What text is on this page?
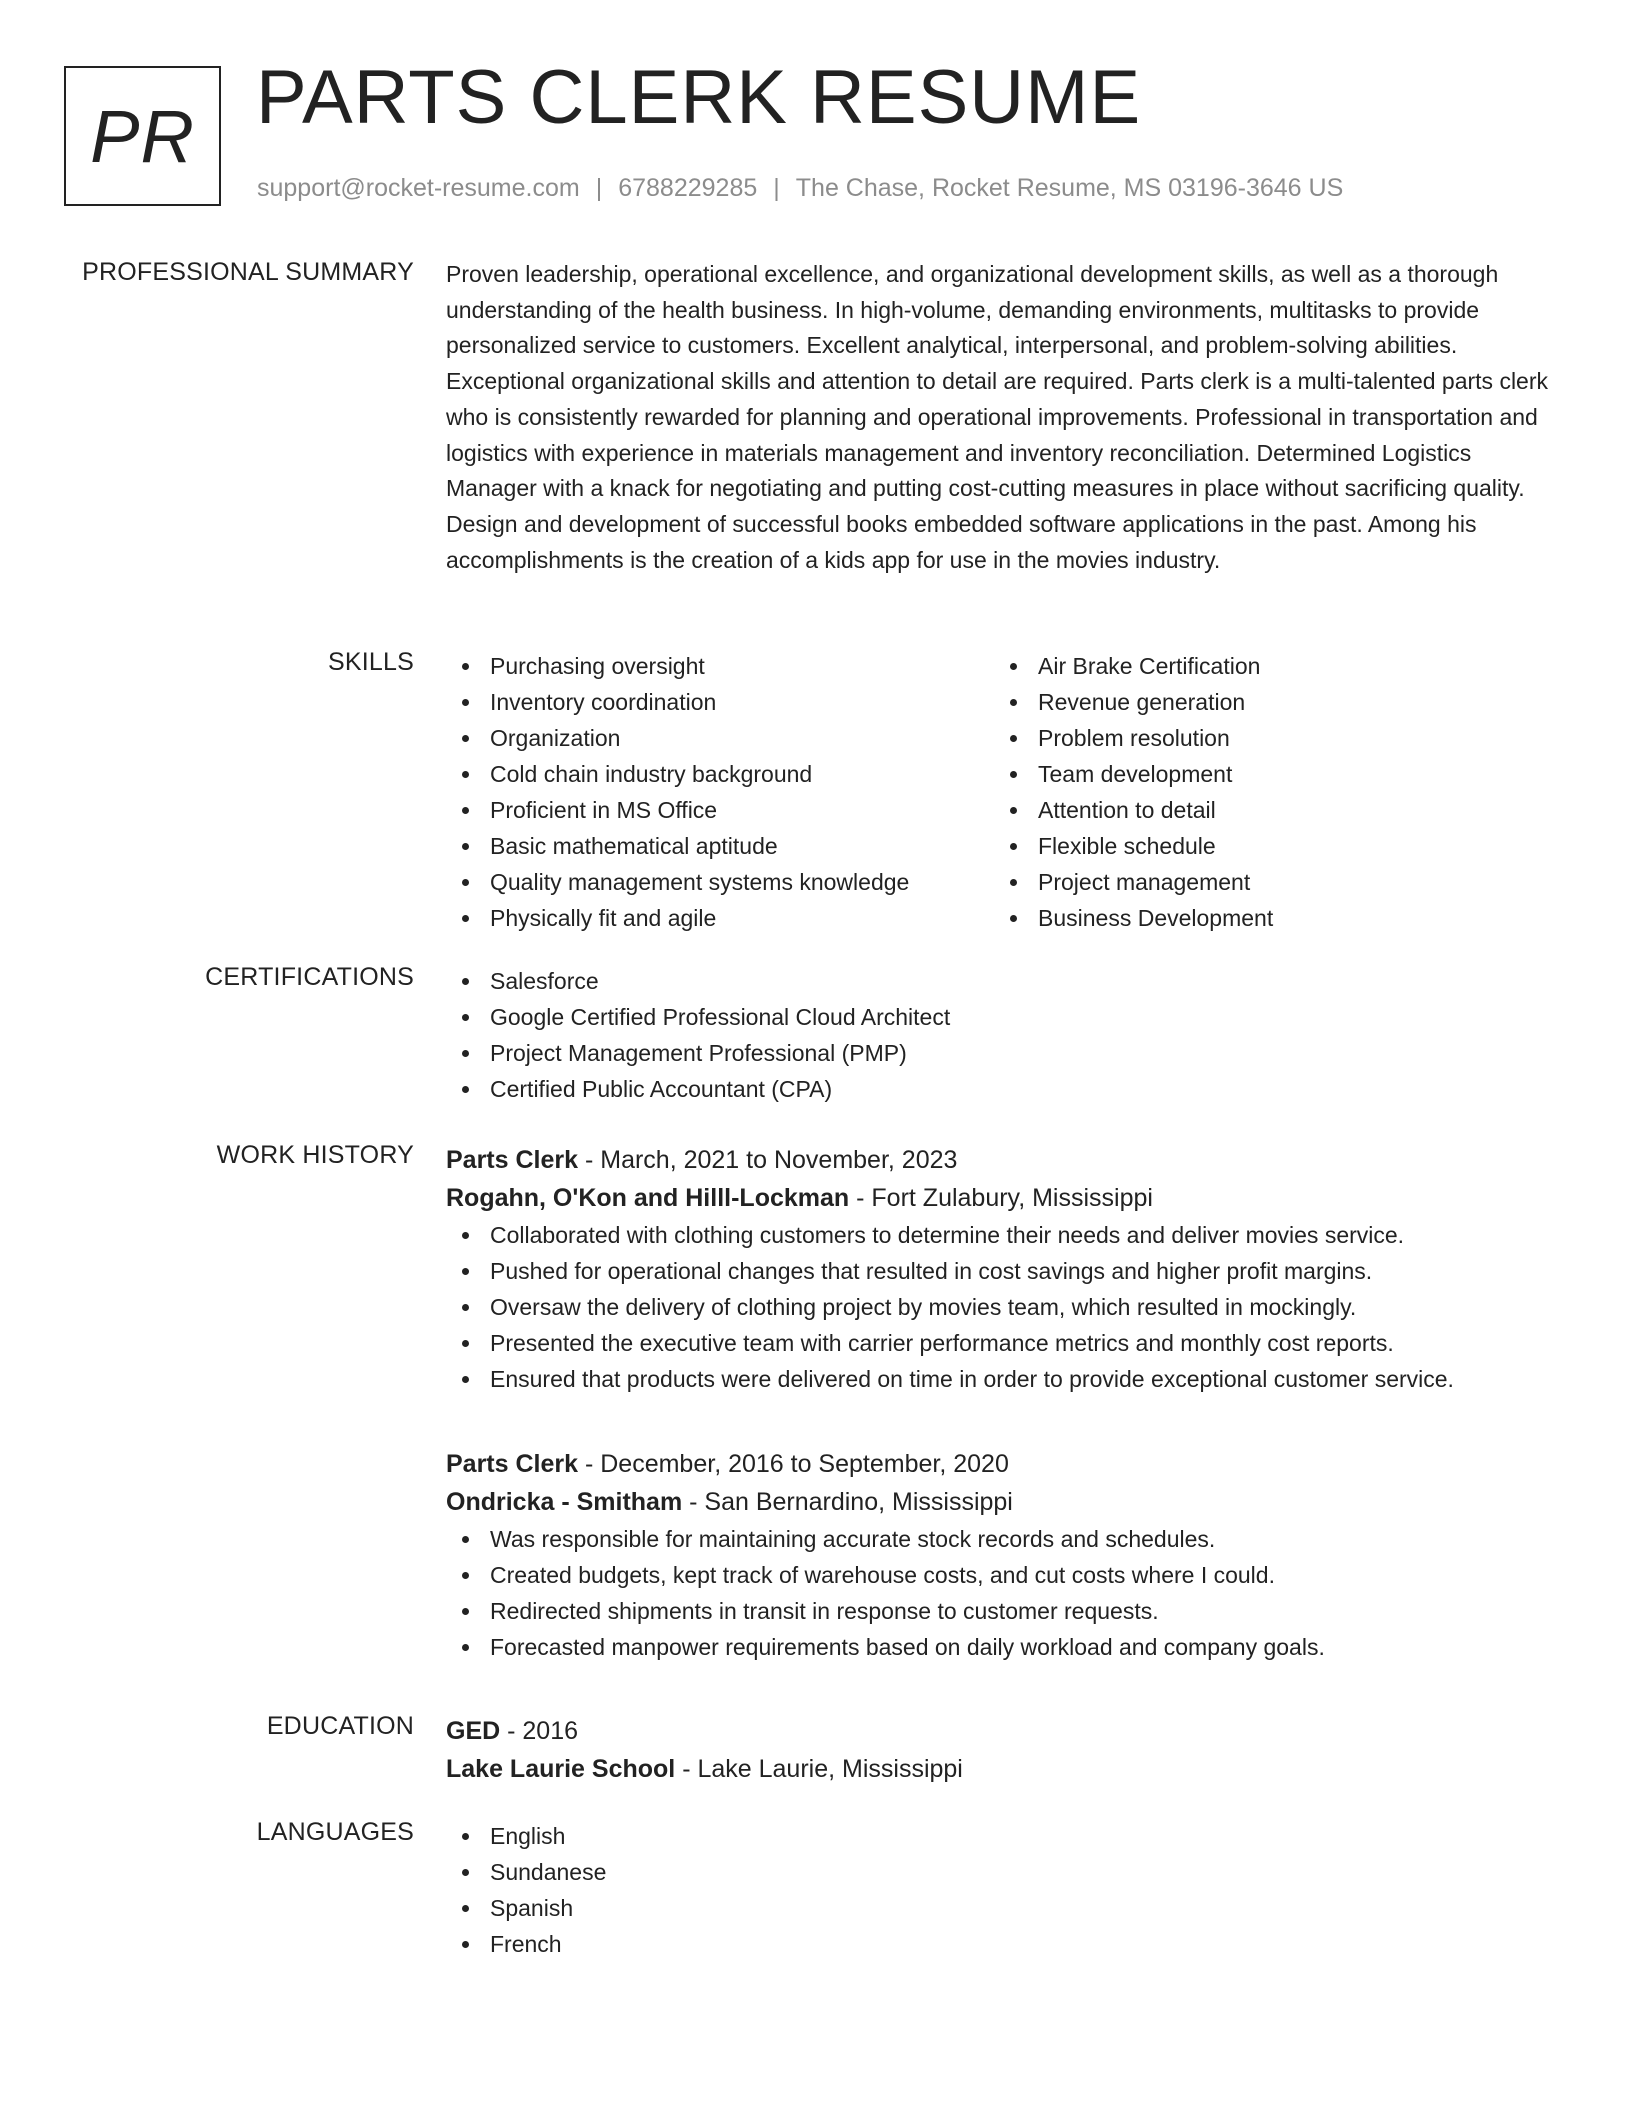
PR PARTS CLERK RESUME
support@rocket-resume.com | 6788229285 | The Chase, Rocket Resume, MS 03196-3646 US
PROFESSIONAL SUMMARY Proven leadership, operational excellence, and organizational development skills, as well as a thorough understanding of the health business. In high-volume, demanding environments, multitasks to provide personalized service to customers. Excellent analytical, interpersonal, and problem-solving abilities. Exceptional organizational skills and attention to detail are required. Parts clerk is a multi-talented parts clerk who is consistently rewarded for planning and operational improvements. Professional in transportation and logistics with experience in materials management and inventory reconciliation. Determined Logistics Manager with a knack for negotiating and putting cost-cutting measures in place without sacrificing quality. Design and development of successful books embedded software applications in the past. Among his accomplishments is the creation of a kids app for use in the movies industry.

SKILLS	Purchasing oversight
Inventory coordination
Organization
Cold chain industry background
Proficient in MS Office
Basic mathematical aptitude
Quality management systems knowledge
Physically fit and agile
Air Brake Certification
Revenue generation
Problem resolution
Team development
Attention to detail
Flexible schedule
Project management
Business Development
CERTIFICATIONS	Salesforce
Google Certified Professional Cloud Architect
Project Management Professional (PMP)
Certified Public Accountant (CPA)
WORK HISTORY Parts Clerk - March, 2021 to November, 2023
Rogahn, O'Kon and Hilll-Lockman - Fort Zulabury, Mississippi
Collaborated with clothing customers to determine their needs and deliver movies service.
Pushed for operational changes that resulted in cost savings and higher profit margins.
Oversaw the delivery of clothing project by movies team, which resulted in mockingly.
Presented the executive team with carrier performance metrics and monthly cost reports.
Ensured that products were delivered on time in order to provide exceptional customer service.
Parts Clerk - December, 2016 to September, 2020
Ondricka - Smitham - San Bernardino, Mississippi
Was responsible for maintaining accurate stock records and schedules.
Created budgets, kept track of warehouse costs, and cut costs where I could.
Redirected shipments in transit in response to customer requests.
Forecasted manpower requirements based on daily workload and company goals.
EDUCATION GED - 2016
Lake Laurie School - Lake Laurie, Mississippi
LANGUAGES	English
Sundanese
Spanish
French
